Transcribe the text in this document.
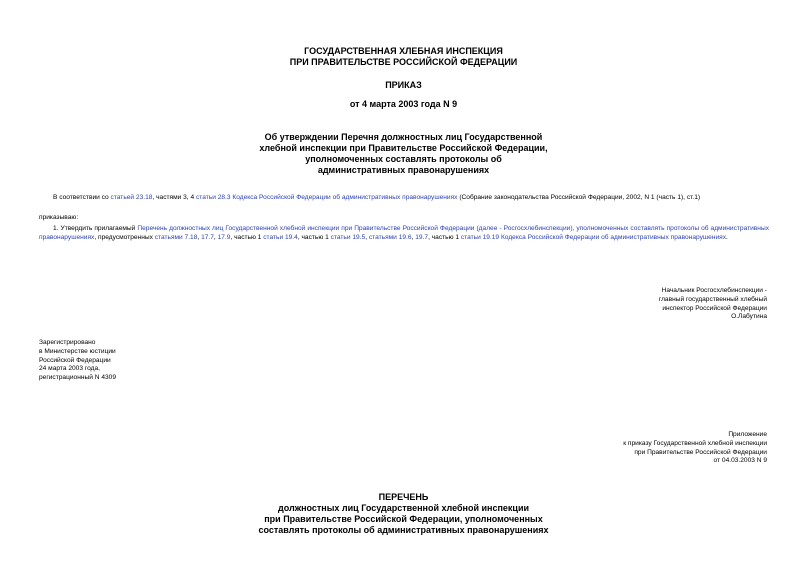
ГОСУДАРСТВЕННАЯ ХЛЕБНАЯ ИНСПЕКЦИЯ

ПРИ ПРАВИТЕЛЬСТВЕ РОССИЙСКОЙ ФЕДЕРАЦИИ

ПРИКАЗ
от 4 марта 2003 года N 9

Об утверждении Перечня должностных лиц Государственной

хлебной инспекции при Правительстве Российской Федерации,

уполномоченных составлять протоколы об

административных правонарушениях

В соответствии со статьей 23.18, частями 3, 4 статьи 28.3 Кодекса Российской Федерации об административных правонарушениях (Собрание законодательства Российской Федерации, 2002, N 1 (часть 1), ст.1)
приказываю:
1. Утвердить прилагаемый Перечень должностных лиц Государственной хлебной инспекции при Правительстве Российской Федерации (далее - Росгосхлебинспекции), уполномоченных составлять протоколы об административных правонарушениях, предусмотренных статьями 7.18, 17.7, 17.9, частью 1 статьи 19.4, частью 1 статьи 19.5, статьями 19.6, 19.7, частью 1 статьи 19.19 Кодекса Российской Федерации об административных правонарушениях.

Начальник Росгосхлебинспекции -

главный государственный хлебный

инспектор Российской Федерации

О.Лабутина

Зарегистрировано

в Министерстве юстиции

Российской Федерации

24 марта 2003 года,

регистрационный N 4309

Приложение

к приказу Государственной хлебной инспекции

при Правительстве Российской Федерации

от 04.03.2003 N 9

ПЕРЕЧЕНЬ

должностных лиц Государственной хлебной инспекции

при Правительстве Российской Федерации, уполномоченных

составлять протоколы об административных правонарушениях
